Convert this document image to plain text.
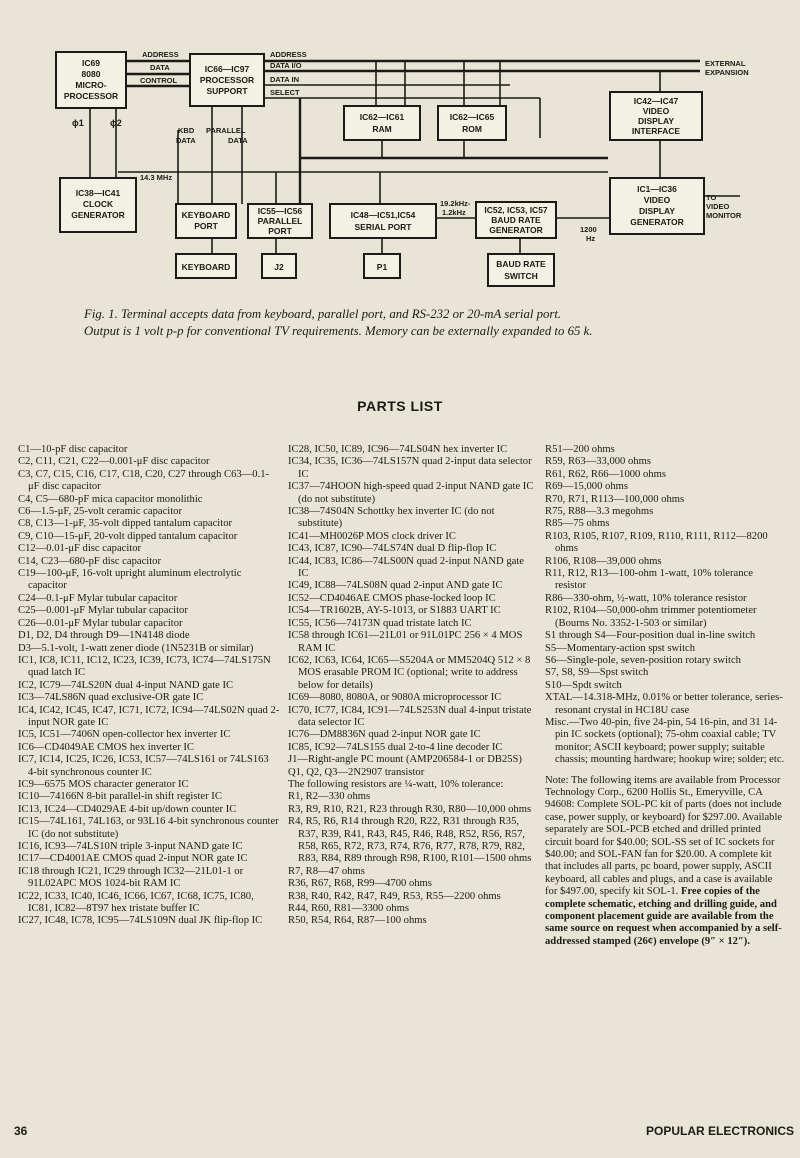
IC69
8080
MICRO-
PROCESSOR
IC66—IC97
PROCESSOR
SUPPORT
IC62—IC61
RAM
IC62—IC65
ROM
IC42—IC47
VIDEO
DISPLAY
INTERFACE
IC38—IC41
CLOCK
GENERATOR	KEYBOARD
PORT
IC55—IC56
PARALLEL
PORT
IC48—IC51,IC54
SERIAL PORT
IC52, IC53, IC57
BAUD RATE
GENERATOR
IC1—IC36
VIDEO
DISPLAY
GENERATOR
KEYBOARD	J2	P1	BAUD RATE
SWITCH
ADDRESS
DATA
CONTROL
ADDRESS
DATA I/O
DATA IN
SELECT
ϕ1	ϕ2
KBD
DATA
PARALLEL
DATA
14.3 MHz
19.2kHz-
1.2kHz
1200
Hz
EXTERNAL
EXPANSION
TO
VIDEO
MONITOR
Fig. 1. Terminal accepts data from keyboard, parallel port, and RS-232 or 20-mA serial port.
Output is 1 volt p-p for conventional TV requirements. Memory can be externally expanded to 65 k.
PARTS LIST

C1—10-pF disc capacitor

C2, C11, C21, C22—0.001-μF disc capacitor

C3, C7, C15, C16, C17, C18, C20, C27 through C63—0.1-μF disc capacitor

C4, C5—680-pF mica capacitor monolithic

C6—1.5-μF, 25-volt ceramic capacitor

C8, C13—1-μF, 35-volt dipped tantalum capacitor

C9, C10—15-μF, 20-volt dipped tantalum capacitor

C12—0.01-μF disc capacitor

C14, C23—680-pF disc capacitor

C19—100-μF, 16-volt upright aluminum electrolytic capacitor

C24—0.1-μF Mylar tubular capacitor

C25—0.001-μF Mylar tubular capacitor

C26—0.01-μF Mylar tubular capacitor

D1, D2, D4 through D9—1N4148 diode

D3—5.1-volt, 1-watt zener diode (1N5231B or similar)

IC1, IC8, IC11, IC12, IC23, IC39, IC73, IC74—74LS175N quad latch IC

IC2, IC79—74LS20N dual 4-input NAND gate IC

IC3—74LS86N quad exclusive-OR gate IC

IC4, IC42, IC45, IC47, IC71, IC72, IC94—74LS02N quad 2-input NOR gate IC

IC5, IC51—7406N open-collector hex inverter IC

IC6—CD4049AE CMOS hex inverter IC

IC7, IC14, IC25, IC26, IC53, IC57—74LS161 or 74LS163 4-bit synchronous counter IC

IC9—6575 MOS character generator IC

IC10—74166N 8-bit parallel-in shift register IC

IC13, IC24—CD4029AE 4-bit up/down counter IC

IC15—74L161, 74L163, or 93L16 4-bit synchronous counter IC (do not substitute)

IC16, IC93—74LS10N triple 3-input NAND gate IC

IC17—CD4001AE CMOS quad 2-input NOR gate IC

IC18 through IC21, IC29 through IC32—21L01-1 or 91L02APC MOS 1024-bit RAM IC

IC22, IC33, IC40, IC46, IC66, IC67, IC68, IC75, IC80, IC81, IC82—8T97 hex tristate buffer IC

IC27, IC48, IC78, IC95—74LS109N dual JK flip-flop IC

IC28, IC50, IC89, IC96—74LS04N hex inverter IC

IC34, IC35, IC36—74LS157N quad 2-input data selector IC

IC37—74HOON high-speed quad 2-input NAND gate IC (do not substitute)

IC38—74S04N Schottky hex inverter IC (do not substitute)

IC41—MH0026P MOS clock driver IC

IC43, IC87, IC90—74LS74N dual D flip-flop IC

IC44, IC83, IC86—74LS00N quad 2-input NAND gate IC

IC49, IC88—74LS08N quad 2-input AND gate IC

IC52—CD4046AE CMOS phase-locked loop IC

IC54—TR1602B, AY-5-1013, or S1883 UART IC

IC55, IC56—74173N quad tristate latch IC

IC58 through IC61—21L01 or 91L01PC 256 × 4 MOS RAM IC

IC62, IC63, IC64, IC65—S5204A or MM5204Q 512 × 8 MOS erasable PROM IC (optional; write to address below for details)

IC69—8080, 8080A, or 9080A microprocessor IC

IC70, IC77, IC84, IC91—74LS253N dual 4-input tristate data selector IC

IC76—DM8836N quad 2-input NOR gate IC

IC85, IC92—74LS155 dual 2-to-4 line decoder IC

J1—Right-angle PC mount (AMP206584-1 or DB25S)

Q1, Q2, Q3—2N2907 transistor

The following resistors are ¼-watt, 10% tolerance:

R1, R2—330 ohms

R3, R9, R10, R21, R23 through R30, R80—10,000 ohms

R4, R5, R6, R14 through R20, R22, R31 through R35, R37, R39, R41, R43, R45, R46, R48, R52, R56, R57, R58, R65, R72, R73, R74, R76, R77, R78, R79, R82, R83, R84, R89 through R98, R100, R101—1500 ohms

R7, R8—47 ohms

R36, R67, R68, R99—4700 ohms

R38, R40, R42, R47, R49, R53, R55—2200 ohms

R44, R60, R81—3300 ohms

R50, R54, R64, R87—100 ohms

R51—200 ohms

R59, R63—33,000 ohms

R61, R62, R66—1000 ohms

R69—15,000 ohms

R70, R71, R113—100,000 ohms

R75, R88—3.3 megohms

R85—75 ohms

R103, R105, R107, R109, R110, R111, R112—8200 ohms

R106, R108—39,000 ohms

R11, R12, R13—100-ohm 1-watt, 10% tolerance resistor

R86—330-ohm, ½-watt, 10% tolerance resistor

R102, R104—50,000-ohm trimmer potentiometer (Bourns No. 3352-1-503 or similar)

S1 through S4—Four-position dual in-line switch

S5—Momentary-action spst switch

S6—Single-pole, seven-position rotary switch

S7, S8, S9—Spst switch

S10—Spdt switch

XTAL—14.318-MHz, 0.01% or better tolerance, series-resonant crystal in HC18U case

Misc.—Two 40-pin, five 24-pin, 54 16-pin, and 31 14-pin IC sockets (optional); 75-ohm coaxial cable; TV monitor; ASCII keyboard; power supply; suitable chassis; mounting hardware; hookup wire; solder; etc.

Note: The following items are available from Processor Technology Corp., 6200 Hollis St., Emeryville, CA 94608: Complete SOL-PC kit of parts (does not include case, power supply, or keyboard) for $297.00. Available separately are SOL-PCB etched and drilled printed circuit board for $40.00; SOL-SS set of IC sockets for $40.00; and SOL-FAN fan for $20.00. A complete kit that includes all parts, pc board, power supply, ASCII keyboard, all cables and plugs, and a case is available for $497.00, specify kit SOL-1. Free copies of the complete schematic, etching and drilling guide, and component placement guide are available from the same source on request when accompanied by a self-addressed stamped (26¢) envelope (9″ × 12″).

36	POPULAR ELECTRONICS
